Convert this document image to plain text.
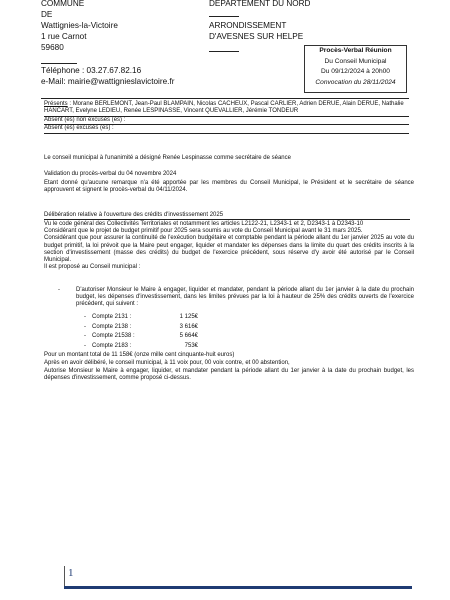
COMMUNE
DE
Wattignies-la-Victoire
1 rue Carnot
59680
Téléphone : 03.27.67.82.16
e-Mail: mairie@wattignieslavictoire.fr
DEPARTEMENT DU NORD
ARRONDISSEMENT
D'AVESNES SUR HELPE
Procès-Verbal Réunion
Du Conseil Municipal
Du 09/12/2024 à 20h00
Convocation du 28/11/2024
Présents : Morane BERLEMONT, Jean-Paul BLAMPAIN, Nicolas CACHEUX, Pascal CARLIER, Adrien DERUE, Alain DERUE, Nathalie HANCART, Evelyne LEDIEU, Renée LESPINASSE, Vincent QUEVALLIER, Jérémie TONDEUR
Absent (es) non excusés (es) :
Absent (es) excusés (es) :
Le conseil municipal à l'unanimité a désigné Renée Lespinasse comme secrétaire de séance
Validation du procès-verbal du 04 novembre 2024
Etant donné qu'aucune remarque n'a été apportée par les membres du Conseil Municipal, le Président et le secrétaire de séance approuvent et signent le procès-verbal du 04/11/2024.
Délibération relative à l'ouverture des crédits d'investissement 2025
Vu le code général des Collectivités Territoriales et notamment les articles L2122-21, L2343-1 et 2, D2343-1 à D2343-10
Considérant que le projet de budget primitif pour 2025 sera soumis au vote du Conseil Municipal avant le 31 mars 2025.
Considérant que pour assurer la continuité de l'exécution budgétaire et comptable pendant la période allant du 1er janvier 2025 au vote du budget primitif, la loi prévoit que la Maire peut engager, liquider et mandater les dépenses dans la limite du quart des crédits inscrits à la section d'investissement (masse des crédits) du budget de l'exercice précédent, sous réserve d'y avoir été autorisé par le Conseil Municipal.
Il est proposé au Conseil municipal :
-	D'autoriser Monsieur le Maire à engager, liquider et mandater, pendant la période allant du 1er janvier à la date du prochain budget, les dépenses d'investissement, dans les limites prévues par la loi à hauteur de 25% des crédits ouverts de l'exercice précédent, qui suivent :
- Compte 2131 :	1 125€
- Compte 2138 :	3 616€
- Compte 21538 :	5 664€
- Compte 2183 :	753€
Pour un montant total de 11 158€ (onze mille cent cinquante-huit euros)
Après en avoir délibéré, le conseil municipal, à 11 voix pour, 00 voix contre, et 00 abstention,
Autorise Monsieur le Maire à engager, liquider, et mandater pendant la période allant du 1er janvier à la date du prochain budget, les dépenses d'investissement, comme proposé ci-dessus.
1
